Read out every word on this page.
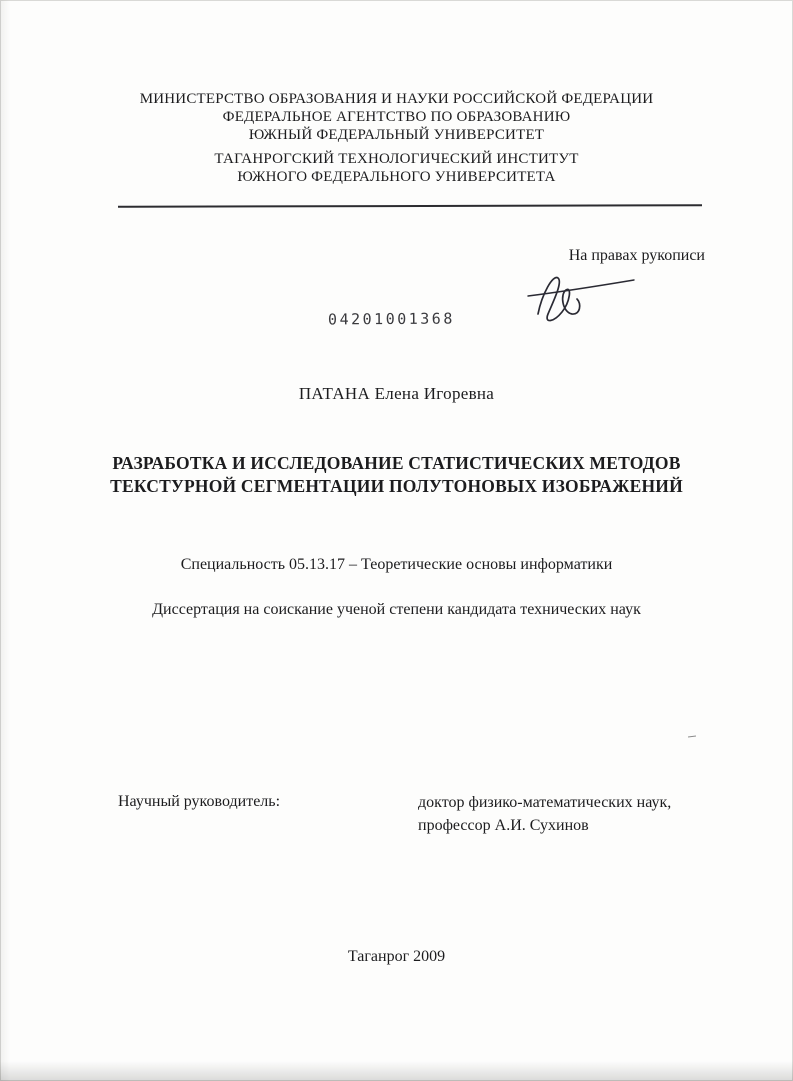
МИНИСТЕРСТВО ОБРАЗОВАНИЯ И НАУКИ РОССИЙСКОЙ ФЕДЕРАЦИИ
ФЕДЕРАЛЬНОЕ АГЕНТСТВО ПО ОБРАЗОВАНИЮ
ЮЖНЫЙ ФЕДЕРАЛЬНЫЙ УНИВЕРСИТЕТ
ТАГАНРОГСКИЙ ТЕХНОЛОГИЧЕСКИЙ ИНСТИТУТ
ЮЖНОГО ФЕДЕРАЛЬНОГО УНИВЕРСИТЕТА
На правах рукописи
04201001368
ПАТАНА Елена Игоревна
РАЗРАБОТКА И ИССЛЕДОВАНИЕ СТАТИСТИЧЕСКИХ МЕТОДОВ
ТЕКСТУРНОЙ СЕГМЕНТАЦИИ ПОЛУТОНОВЫХ ИЗОБРАЖЕНИЙ
Специальность 05.13.17 – Теоретические основы информатики
Диссертация на соискание ученой степени кандидата технических наук
Научный руководитель:	доктор физико-математических наук,
профессор А.И. Сухинов
Таганрог 2009
